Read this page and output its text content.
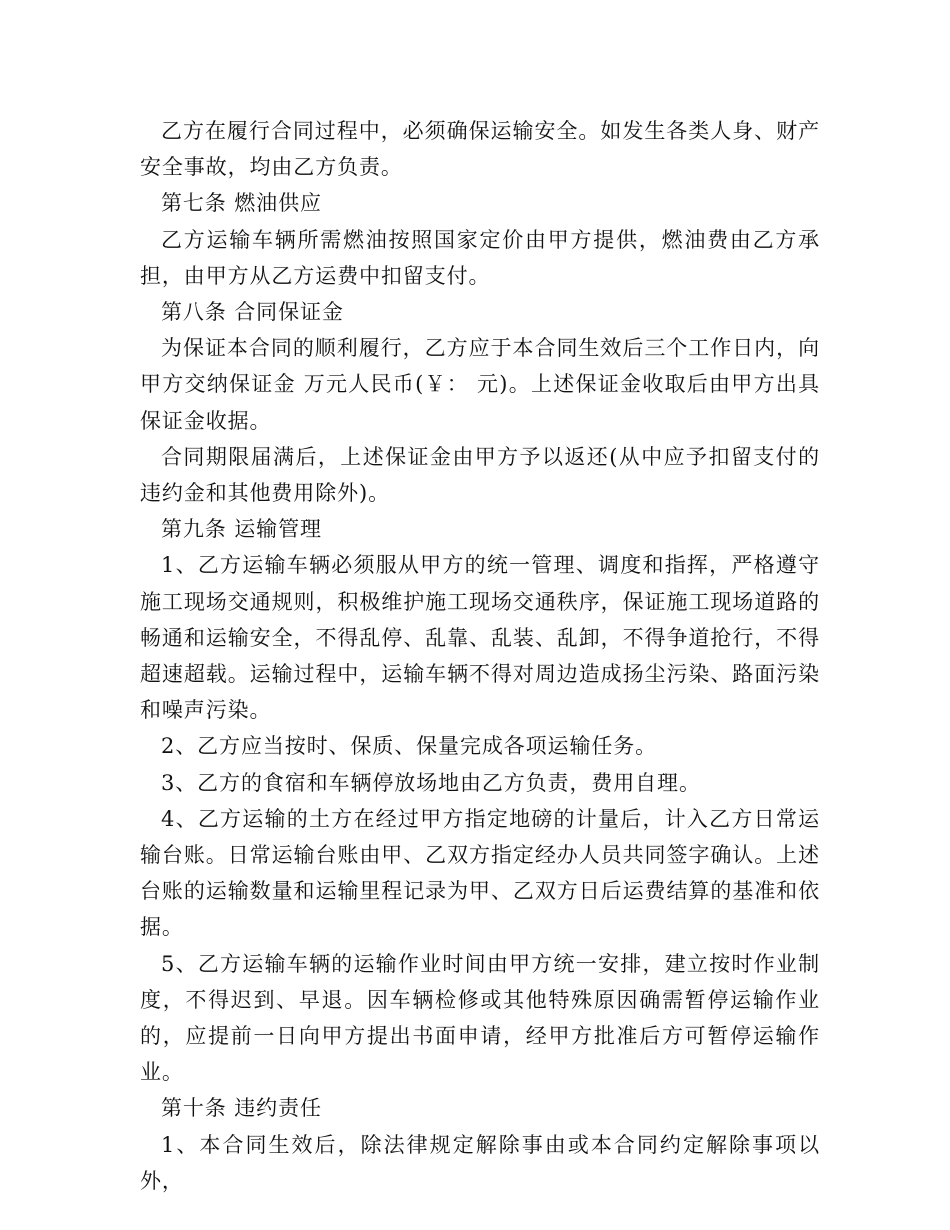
乙方在履行合同过程中，必须确保运输安全。如发生各类人身、财产安全事故，均由乙方负责。

第七条 燃油供应

乙方运输车辆所需燃油按照国家定价由甲方提供，燃油费由乙方承担，由甲方从乙方运费中扣留支付。

第八条 合同保证金

为保证本合同的顺利履行，乙方应于本合同生效后三个工作日内，向甲方交纳保证金 万元人民币(￥： 元)。上述保证金收取后由甲方出具保证金收据。

合同期限届满后，上述保证金由甲方予以返还(从中应予扣留支付的违约金和其他费用除外)。

第九条 运输管理

1、乙方运输车辆必须服从甲方的统一管理、调度和指挥，严格遵守施工现场交通规则，积极维护施工现场交通秩序，保证施工现场道路的畅通和运输安全，不得乱停、乱靠、乱装、乱卸，不得争道抢行，不得超速超载。运输过程中，运输车辆不得对周边造成扬尘污染、路面污染和噪声污染。

2、乙方应当按时、保质、保量完成各项运输任务。

3、乙方的食宿和车辆停放场地由乙方负责，费用自理。

4、乙方运输的土方在经过甲方指定地磅的计量后，计入乙方日常运输台账。日常运输台账由甲、乙双方指定经办人员共同签字确认。上述台账的运输数量和运输里程记录为甲、乙双方日后运费结算的基准和依据。

5、乙方运输车辆的运输作业时间由甲方统一安排，建立按时作业制度，不得迟到、早退。因车辆检修或其他特殊原因确需暂停运输作业的，应提前一日向甲方提出书面申请，经甲方批准后方可暂停运输作业。

第十条 违约责任

1、本合同生效后，除法律规定解除事由或本合同约定解除事项以外，
